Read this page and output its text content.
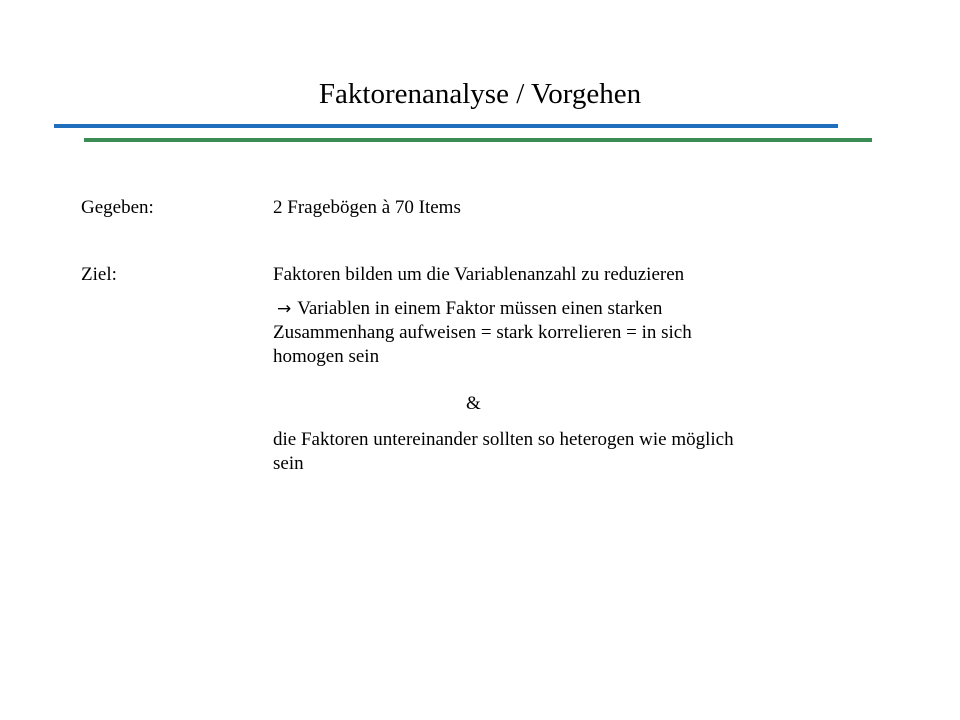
Faktorenanalyse / Vorgehen
Gegeben:	2 Fragebögen à 70 Items
Ziel:	Faktoren bilden um die Variablenanzahl zu reduzieren
→ Variablen in einem Faktor müssen einen starken
Zusammenhang aufweisen = stark korrelieren = in sich
homogen sein
&
die Faktoren untereinander sollten so heterogen wie möglich
sein
